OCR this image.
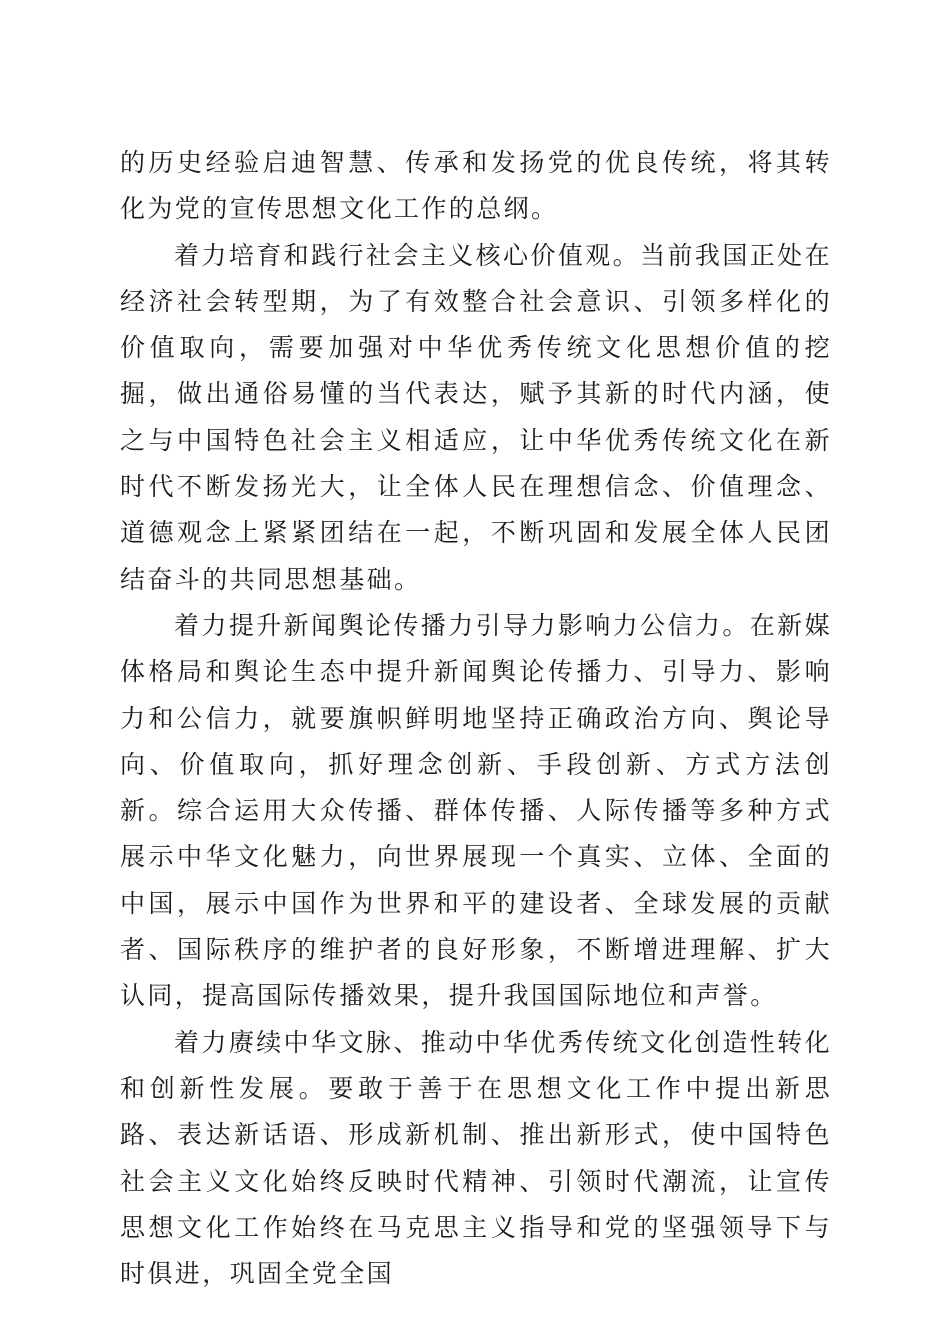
的历史经验启迪智慧、传承和发扬党的优良传统，将其转化为党的宣传思想文化工作的总纲。

着力培育和践行社会主义核心价值观。当前我国正处在经济社会转型期，为了有效整合社会意识、引领多样化的价值取向，需要加强对中华优秀传统文化思想价值的挖掘，做出通俗易懂的当代表达，赋予其新的时代内涵，使之与中国特色社会主义相适应，让中华优秀传统文化在新时代不断发扬光大，让全体人民在理想信念、价值理念、道德观念上紧紧团结在一起，不断巩固和发展全体人民团结奋斗的共同思想基础。

着力提升新闻舆论传播力引导力影响力公信力。在新媒体格局和舆论生态中提升新闻舆论传播力、引导力、影响力和公信力，就要旗帜鲜明地坚持正确政治方向、舆论导向、价值取向，抓好理念创新、手段创新、方式方法创新。综合运用大众传播、群体传播、人际传播等多种方式展示中华文化魅力，向世界展现一个真实、立体、全面的中国，展示中国作为世界和平的建设者、全球发展的贡献者、国际秩序的维护者的良好形象，不断增进理解、扩大认同，提高国际传播效果，提升我国国际地位和声誉。

着力赓续中华文脉、推动中华优秀传统文化创造性转化和创新性发展。要敢于善于在思想文化工作中提出新思路、表达新话语、形成新机制、推出新形式，使中国特色社会主义文化始终反映时代精神、引领时代潮流，让宣传思想文化工作始终在马克思主义指导和党的坚强领导下与时俱进，巩固全党全国
